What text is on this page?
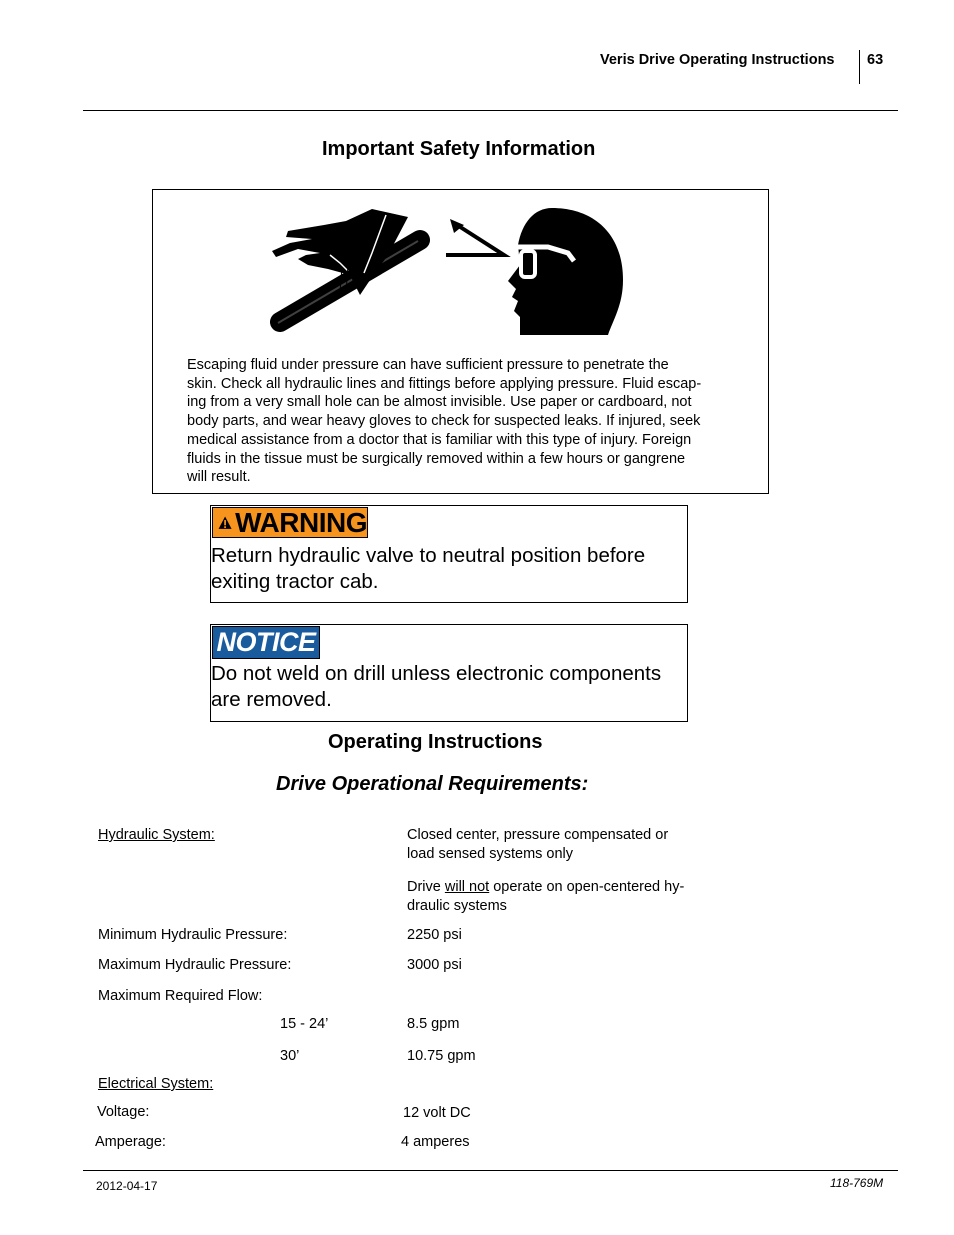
Veris Drive Operating Instructions 63
Important Safety Information
Escaping fluid under pressure can have sufficient pressure to penetrate the
skin. Check all hydraulic lines and fittings before applying pressure. Fluid escap-
ing from a very small hole can be almost invisible. Use paper or cardboard, not
body parts, and wear heavy gloves to check for suspected leaks. If injured, seek
medical assistance from a doctor that is familiar with this type of injury. Foreign
fluids in the tissue must be surgically removed within a few hours or gangrene
will result.
WARNING
Return hydraulic valve to neutral position before
exiting tractor cab.
NOTICE
Do not weld on drill unless electronic components
are removed.
Operating Instructions
Drive Operational Requirements:
Hydraulic System:	Closed center, pressure compensated or
load sensed systems only
Drive will not operate on open-centered hy-
draulic systems
Minimum Hydraulic Pressure:	2250 psi
Maximum Hydraulic Pressure:	3000 psi
Maximum Required Flow:
15 - 24’	8.5 gpm
30’	10.75 gpm
Electrical System:
Voltage:	12 volt DC
Amperage:	4 amperes
2012-04-17	118-769M
